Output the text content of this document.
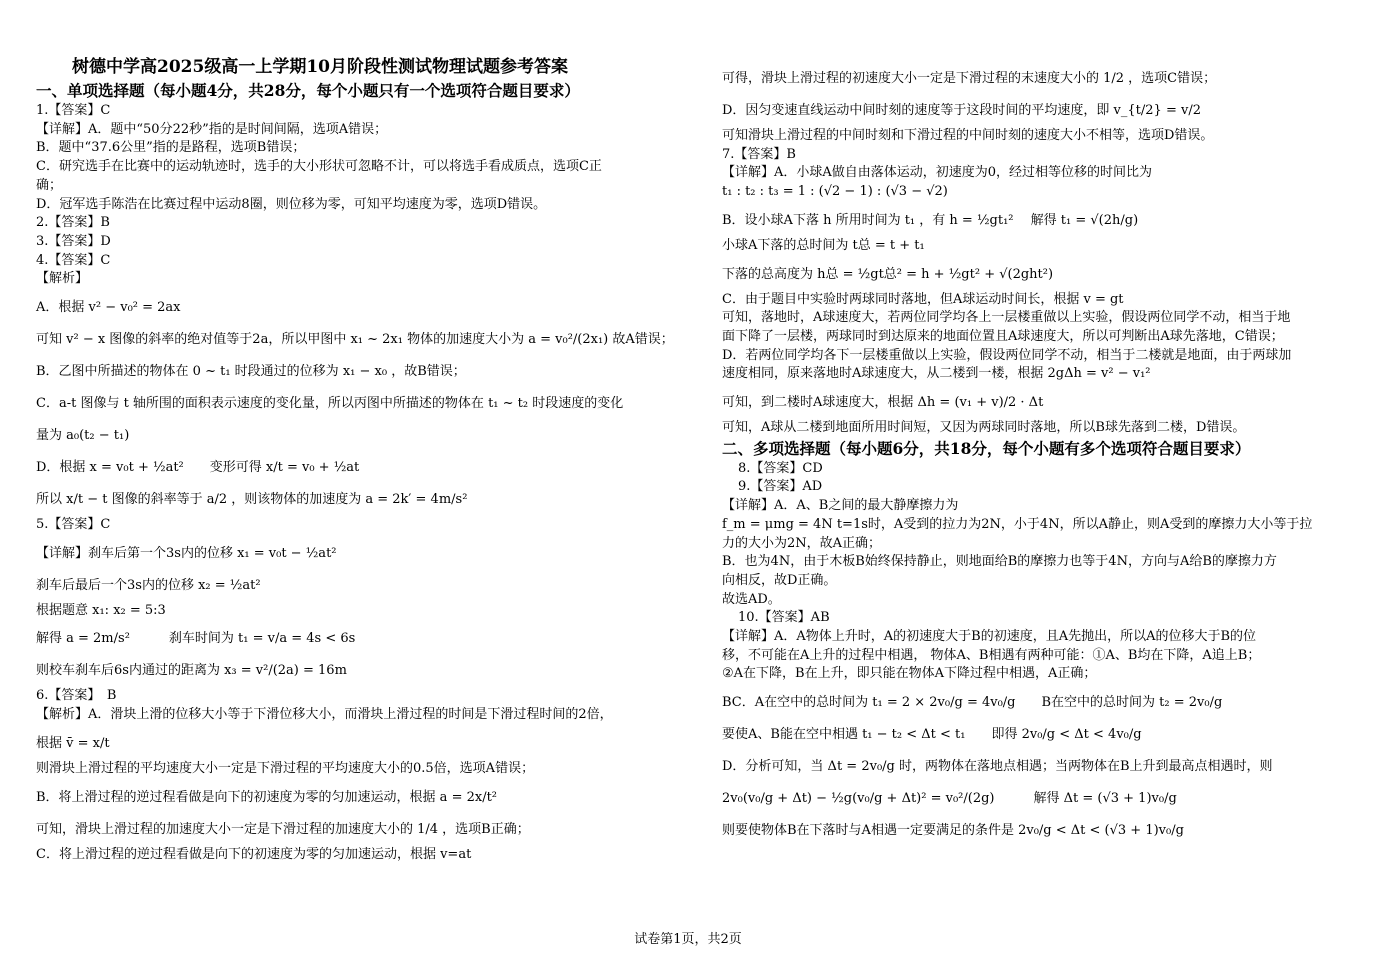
树德中学高2025级高一上学期10月阶段性测试物理试题参考答案
一、单项选择题（每小题4分，共28分，每个小题只有一个选项符合题目要求）
1.【答案】C
【详解】A．题中“50分22秒”指的是时间间隔，选项A错误；
B．题中“37.6公里”指的是路程，选项B错误；
C．研究选手在比赛中的运动轨迹时，选手的大小形状可忽略不计，可以将选手看成质点，选项C正
确；
D．冠军选手陈浩在比赛过程中运动8圈，则位移为零，可知平均速度为零，选项D错误。
2.【答案】B
3.【答案】D
4.【答案】C
【解析】
A．根据 v² − v₀² = 2ax
可知 v² − x 图像的斜率的绝对值等于2a，所以甲图中 x₁ ~ 2x₁ 物体的加速度大小为 a = v₀²/(2x₁) 故A错误；
B．乙图中所描述的物体在 0 ~ t₁ 时段通过的位移为 x₁ − x₀ ，故B错误；
C．a-t 图像与 t 轴所围的面积表示速度的变化量，所以丙图中所描述的物体在 t₁ ~ t₂ 时段速度的变化
量为 a₀(t₂ − t₁)
D．根据 x = v₀t + ½at²　　变形可得 x/t = v₀ + ½at
所以 x/t − t 图像的斜率等于 a/2 ，则该物体的加速度为 a = 2k′ = 4m/s²
5.【答案】C
【详解】刹车后第一个3s内的位移 x₁ = v₀t − ½at²
刹车后最后一个3s内的位移 x₂ = ½at²
根据题意 x₁: x₂ = 5:3
解得 a = 2m/s²　　　刹车时间为 t₁ = v/a = 4s < 6s
则校车刹车后6s内通过的距离为 x₃ = v²/(2a) = 16m
6.【答案】　B
【解析】A．滑块上滑的位移大小等于下滑位移大小，而滑块上滑过程的时间是下滑过程时间的2倍，
根据 v̄ = x/t
则滑块上滑过程的平均速度大小一定是下滑过程的平均速度大小的0.5倍，选项A错误；
B．将上滑过程的逆过程看做是向下的初速度为零的匀加速运动，根据 a = 2x/t²
可知，滑块上滑过程的加速度大小一定是下滑过程的加速度大小的 1/4 ，选项B正确；
C．将上滑过程的逆过程看做是向下的初速度为零的匀加速运动，根据 v=at
可得，滑块上滑过程的初速度大小一定是下滑过程的末速度大小的 1/2 ，选项C错误；
D．因匀变速直线运动中间时刻的速度等于这段时间的平均速度，即 v_{t/2} = v/2
可知滑块上滑过程的中间时刻和下滑过程的中间时刻的速度大小不相等，选项D错误。
7.【答案】B
【详解】A．小球A做自由落体运动，初速度为0，经过相等位移的时间比为
t₁ : t₂ : t₃ = 1 : (√2 − 1) : (√3 − √2)
B．设小球A下落 h 所用时间为 t₁ ，有 h = ½gt₁²　 解得 t₁ = √(2h/g)
小球A下落的总时间为 t总 = t + t₁
下落的总高度为 h总 = ½gt总² = h + ½gt² + √(2ght²)
C．由于题目中实验时两球同时落地，但A球运动时间长，根据 v = gt
可知，落地时，A球速度大，若两位同学均各上一层楼重做以上实验，假设两位同学不动，相当于地
面下降了一层楼，两球同时到达原来的地面位置且A球速度大，所以可判断出A球先落地，C错误；
D．若两位同学均各下一层楼重做以上实验，假设两位同学不动，相当于二楼就是地面，由于两球加
速度相同，原来落地时A球速度大，从二楼到一楼，根据 2gΔh = v² − v₁²
可知，到二楼时A球速度大，根据 Δh = (v₁ + v)/2 · Δt
可知，A球从二楼到地面所用时间短，又因为两球同时落地，所以B球先落到二楼，D错误。
二、多项选择题（每小题6分，共18分，每个小题有多个选项符合题目要求）
8.【答案】CD
9.【答案】AD
【详解】A．A、B之间的最大静摩擦力为
f_m = μmg = 4N t=1s时，A受到的拉力为2N，小于4N，所以A静止，则A受到的摩擦力大小等于拉
力的大小为2N，故A正确；
B．也为4N，由于木板B始终保持静止，则地面给B的摩擦力也等于4N，方向与A给B的摩擦力方
向相反，故D正确。
故选AD。
10.【答案】AB
【详解】A．A物体上升时，A的初速度大于B的初速度，且A先抛出，所以A的位移大于B的位
移，不可能在A上升的过程中相遇， 物体A、B相遇有两种可能：①A、B均在下降，A追上B；
②A在下降，B在上升，即只能在物体A下降过程中相遇，A正确；
BC．A在空中的总时间为 t₁ = 2 × 2v₀/g = 4v₀/g　　B在空中的总时间为 t₂ = 2v₀/g
要使A、B能在空中相遇 t₁ − t₂ < Δt < t₁　　即得 2v₀/g < Δt < 4v₀/g
D．分析可知，当 Δt = 2v₀/g 时，两物体在落地点相遇；当两物体在B上升到最高点相遇时，则
2v₀(v₀/g + Δt) − ½g(v₀/g + Δt)² = v₀²/(2g)　　　解得 Δt = (√3 + 1)v₀/g
则要使物体B在下落时与A相遇一定要满足的条件是 2v₀/g < Δt < (√3 + 1)v₀/g
试卷第1页，共2页
